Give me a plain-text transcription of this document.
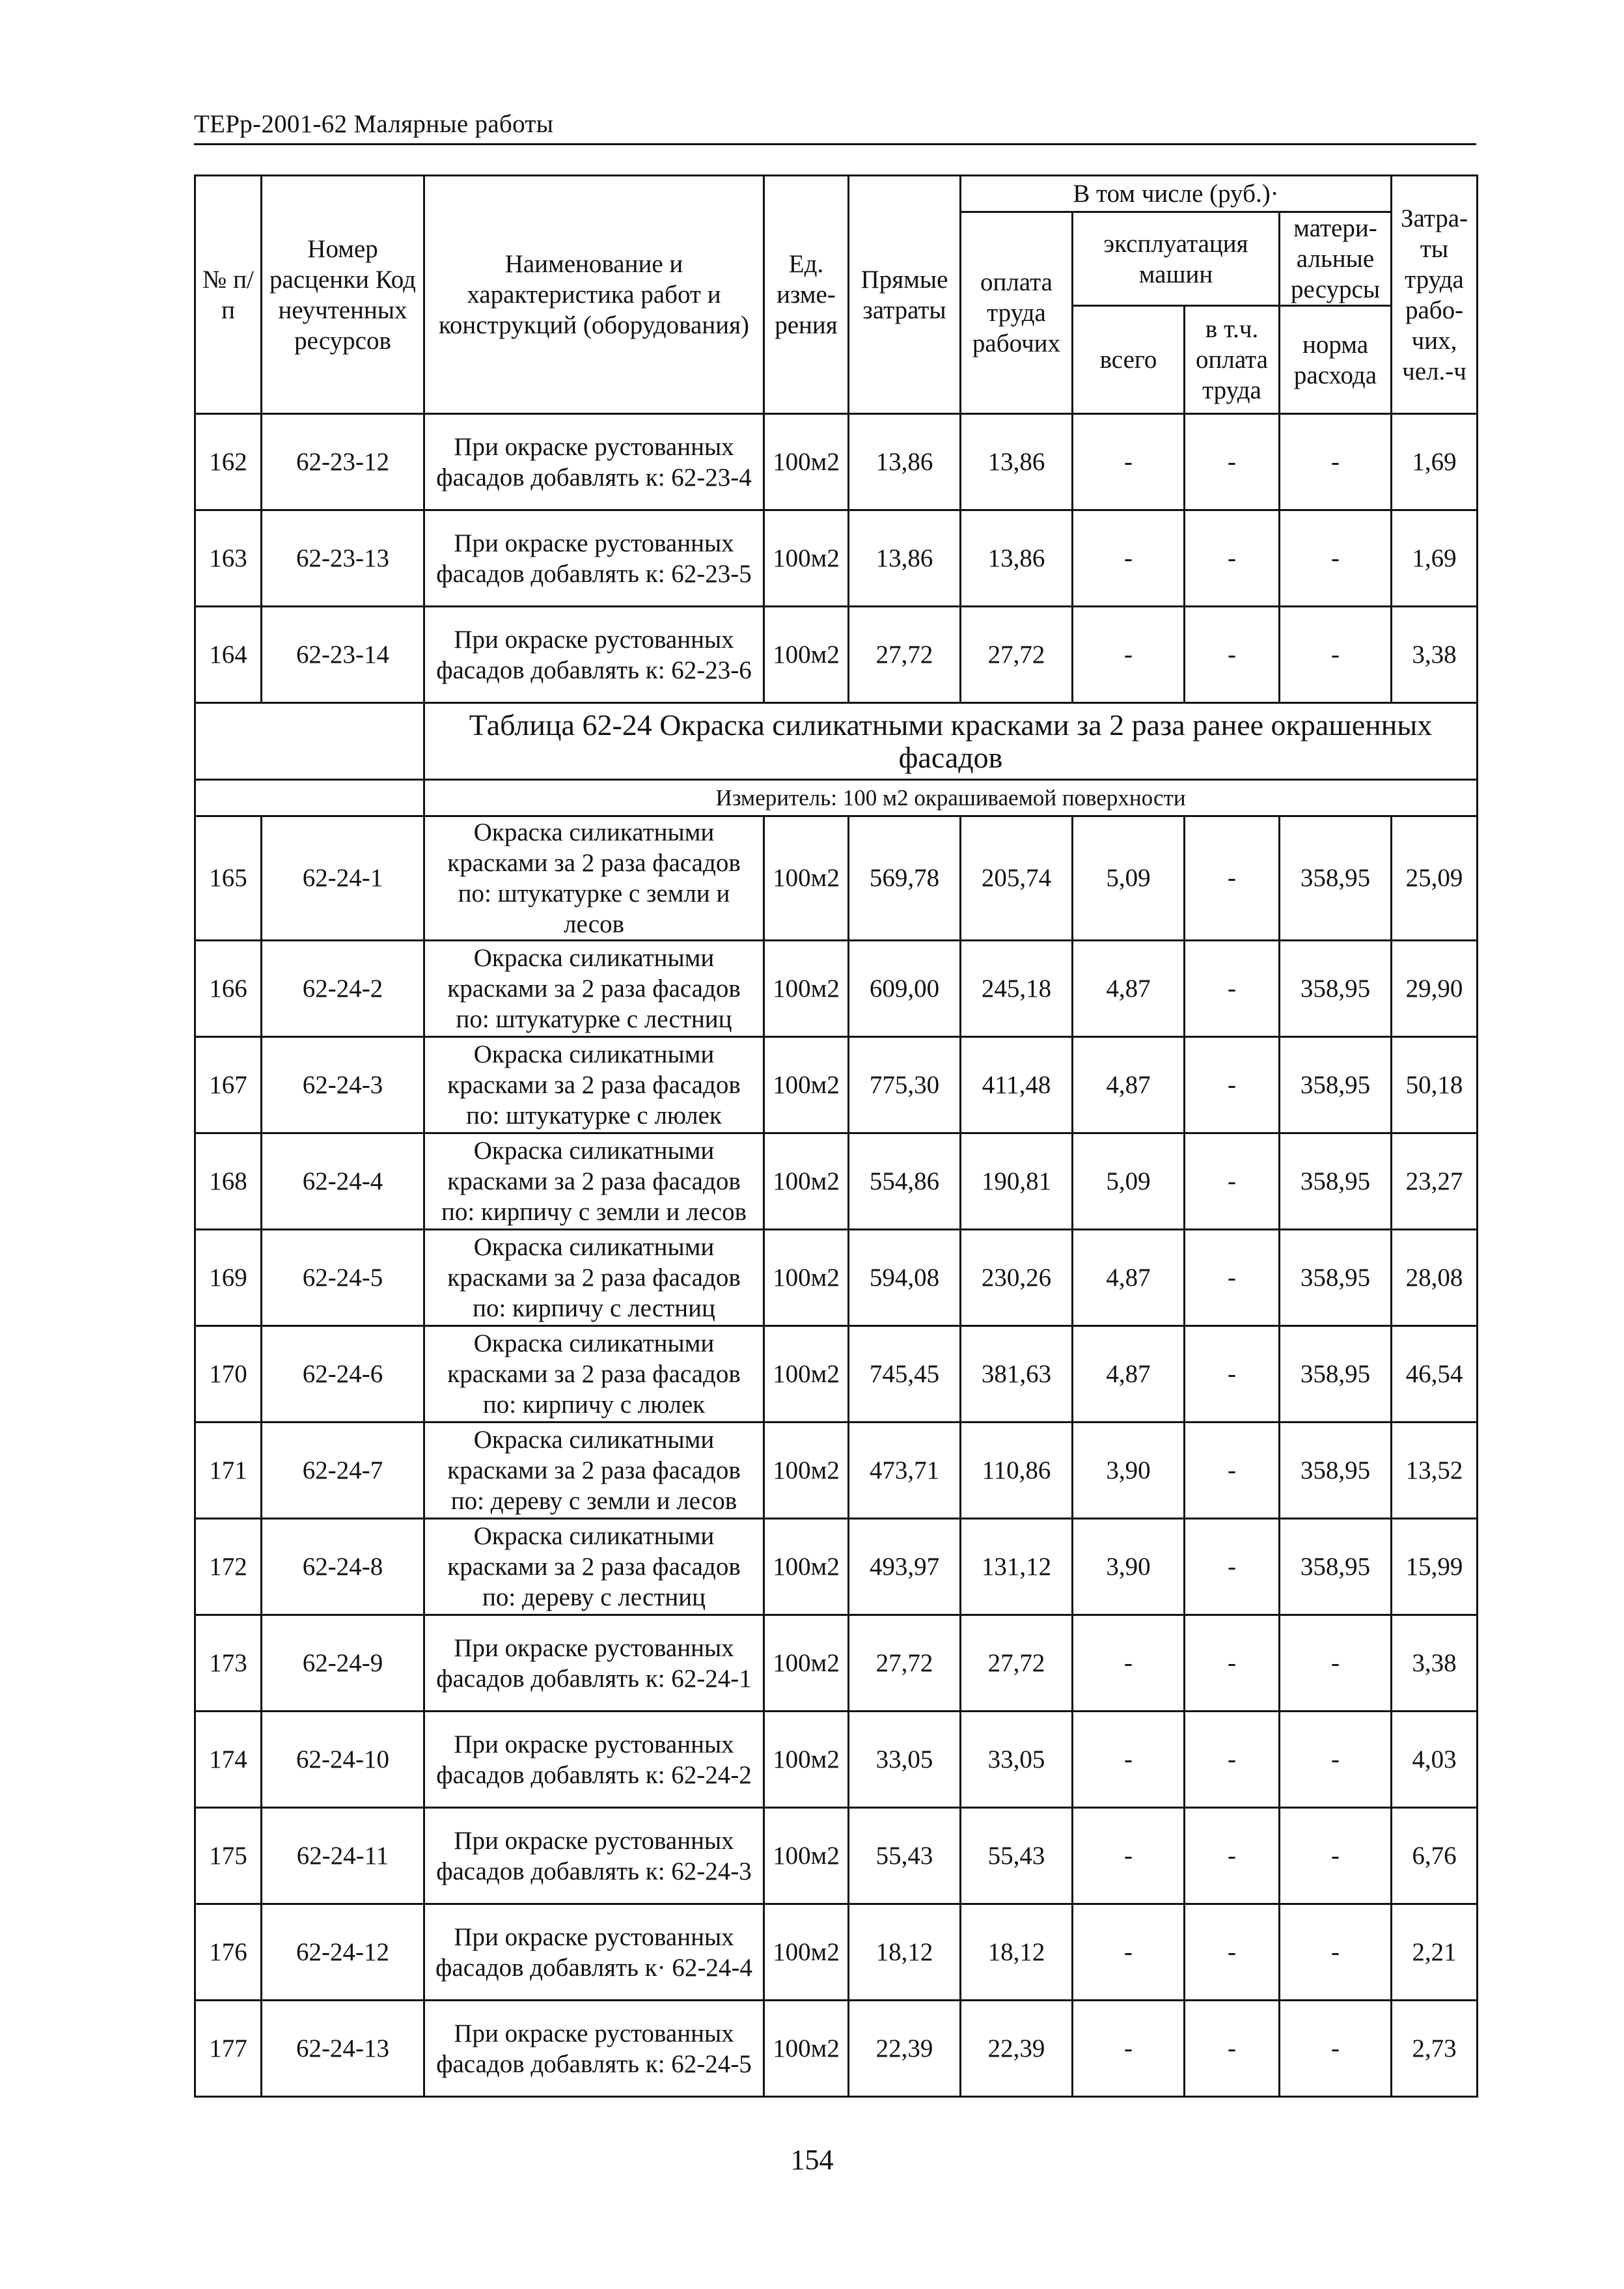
ТЕРр-2001-62 Малярные работы
№ п/п	Номер расценки Код неучтенных ресурсов	Наименование и характеристика работ и конструкций (оборудования)	Ед. изме-рения	Прямые затраты	В том числе (руб.)·				Затра-ты труда рабо-чих, чел.-ч
					оплата труда рабочих	эксплуатация машин		матери-альные ресурсы	

						всего	в т.ч. оплата труда	норма расхода	
162	62-23-12	При окраске рустованных фасадов добавлять к: 62-23-4	100м2	13,86	13,86	-	-	-	1,69
163	62-23-13	При окраске рустованных фасадов добавлять к: 62-23-5	100м2	13,86	13,86	-	-	-	1,69
164	62-23-14	При окраске рустованных фасадов добавлять к: 62-23-6	100м2	27,72	27,72	-	-	-	3,38
		Таблица 62-24 Окраска силикатными красками за 2 раза ранее окрашенных фасадов							
		Измеритель: 100 м2 окрашиваемой поверхности							
165	62-24-1	Окраска силикатными красками за 2 раза фасадов по: штукатурке с земли и лесов	100м2	569,78	205,74	5,09	-	358,95	25,09
166	62-24-2	Окраска силикатными красками за 2 раза фасадов по: штукатурке с лестниц	100м2	609,00	245,18	4,87	-	358,95	29,90
167	62-24-3	Окраска силикатными красками за 2 раза фасадов по: штукатурке с люлек	100м2	775,30	411,48	4,87	-	358,95	50,18
168	62-24-4	Окраска силикатными красками за 2 раза фасадов по: кирпичу с земли и лесов	100м2	554,86	190,81	5,09	-	358,95	23,27
169	62-24-5	Окраска силикатными красками за 2 раза фасадов по: кирпичу с лестниц	100м2	594,08	230,26	4,87	-	358,95	28,08
170	62-24-6	Окраска силикатными красками за 2 раза фасадов по: кирпичу с люлек	100м2	745,45	381,63	4,87	-	358,95	46,54
171	62-24-7	Окраска силикатными красками за 2 раза фасадов по: дереву с земли и лесов	100м2	473,71	110,86	3,90	-	358,95	13,52
172	62-24-8	Окраска силикатными красками за 2 раза фасадов по: дереву с лестниц	100м2	493,97	131,12	3,90	-	358,95	15,99
173	62-24-9	При окраске рустованных фасадов добавлять к: 62-24-1	100м2	27,72	27,72	-	-	-	3,38
174	62-24-10	При окраске рустованных фасадов добавлять к: 62-24-2	100м2	33,05	33,05	-	-	-	4,03
175	62-24-11	При окраске рустованных фасадов добавлять к: 62-24-3	100м2	55,43	55,43	-	-	-	6,76
176	62-24-12	При окраске рустованных фасадов добавлять к· 62-24-4	100м2	18,12	18,12	-	-	-	2,21
177	62-24-13	При окраске рустованных фасадов добавлять к: 62-24-5	100м2	22,39	22,39	-	-	-	2,73
154
